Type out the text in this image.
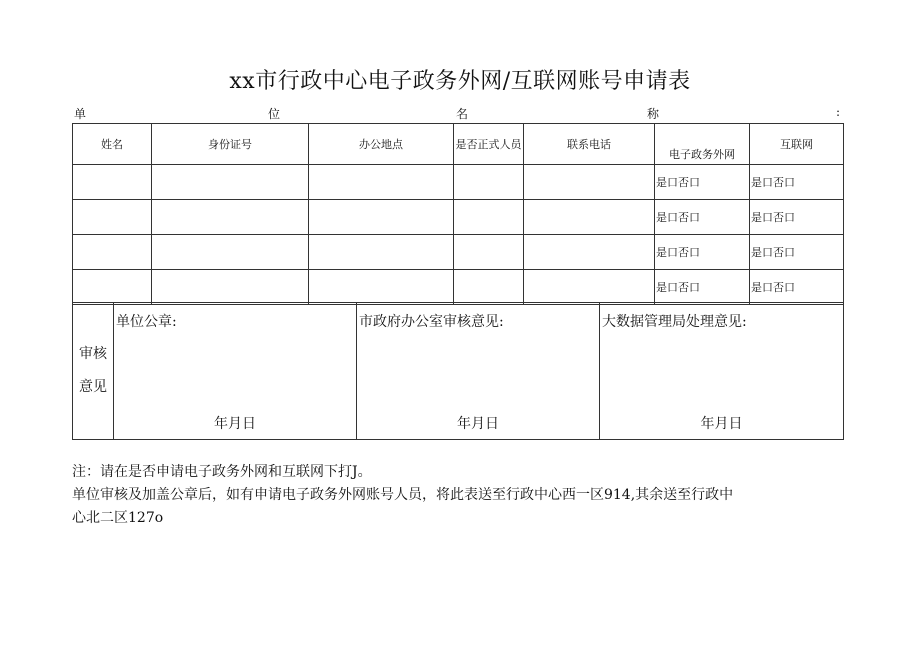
xx市行政中心电子政务外网/互联网账号申请表
单	位	名	称	:
姓名	身份证号	办公地点	是否正式人员	联系电话	电子政务外网	互联网
					是口否口	是口否口
					是口否口	是口否口
					是口否口	是口否口
					是口否口	是口否口
审核
意见

单位公章:
年月日

市政府办公室审核意见:
年月日

大数据管理局处理意见:
年月日
注：请在是否申请电子政务外网和互联网下打J。
单位审核及加盖公章后，如有申请电子政务外网账号人员，将此表送至行政中心西一区914,其余送至行政中
心北二区127o
